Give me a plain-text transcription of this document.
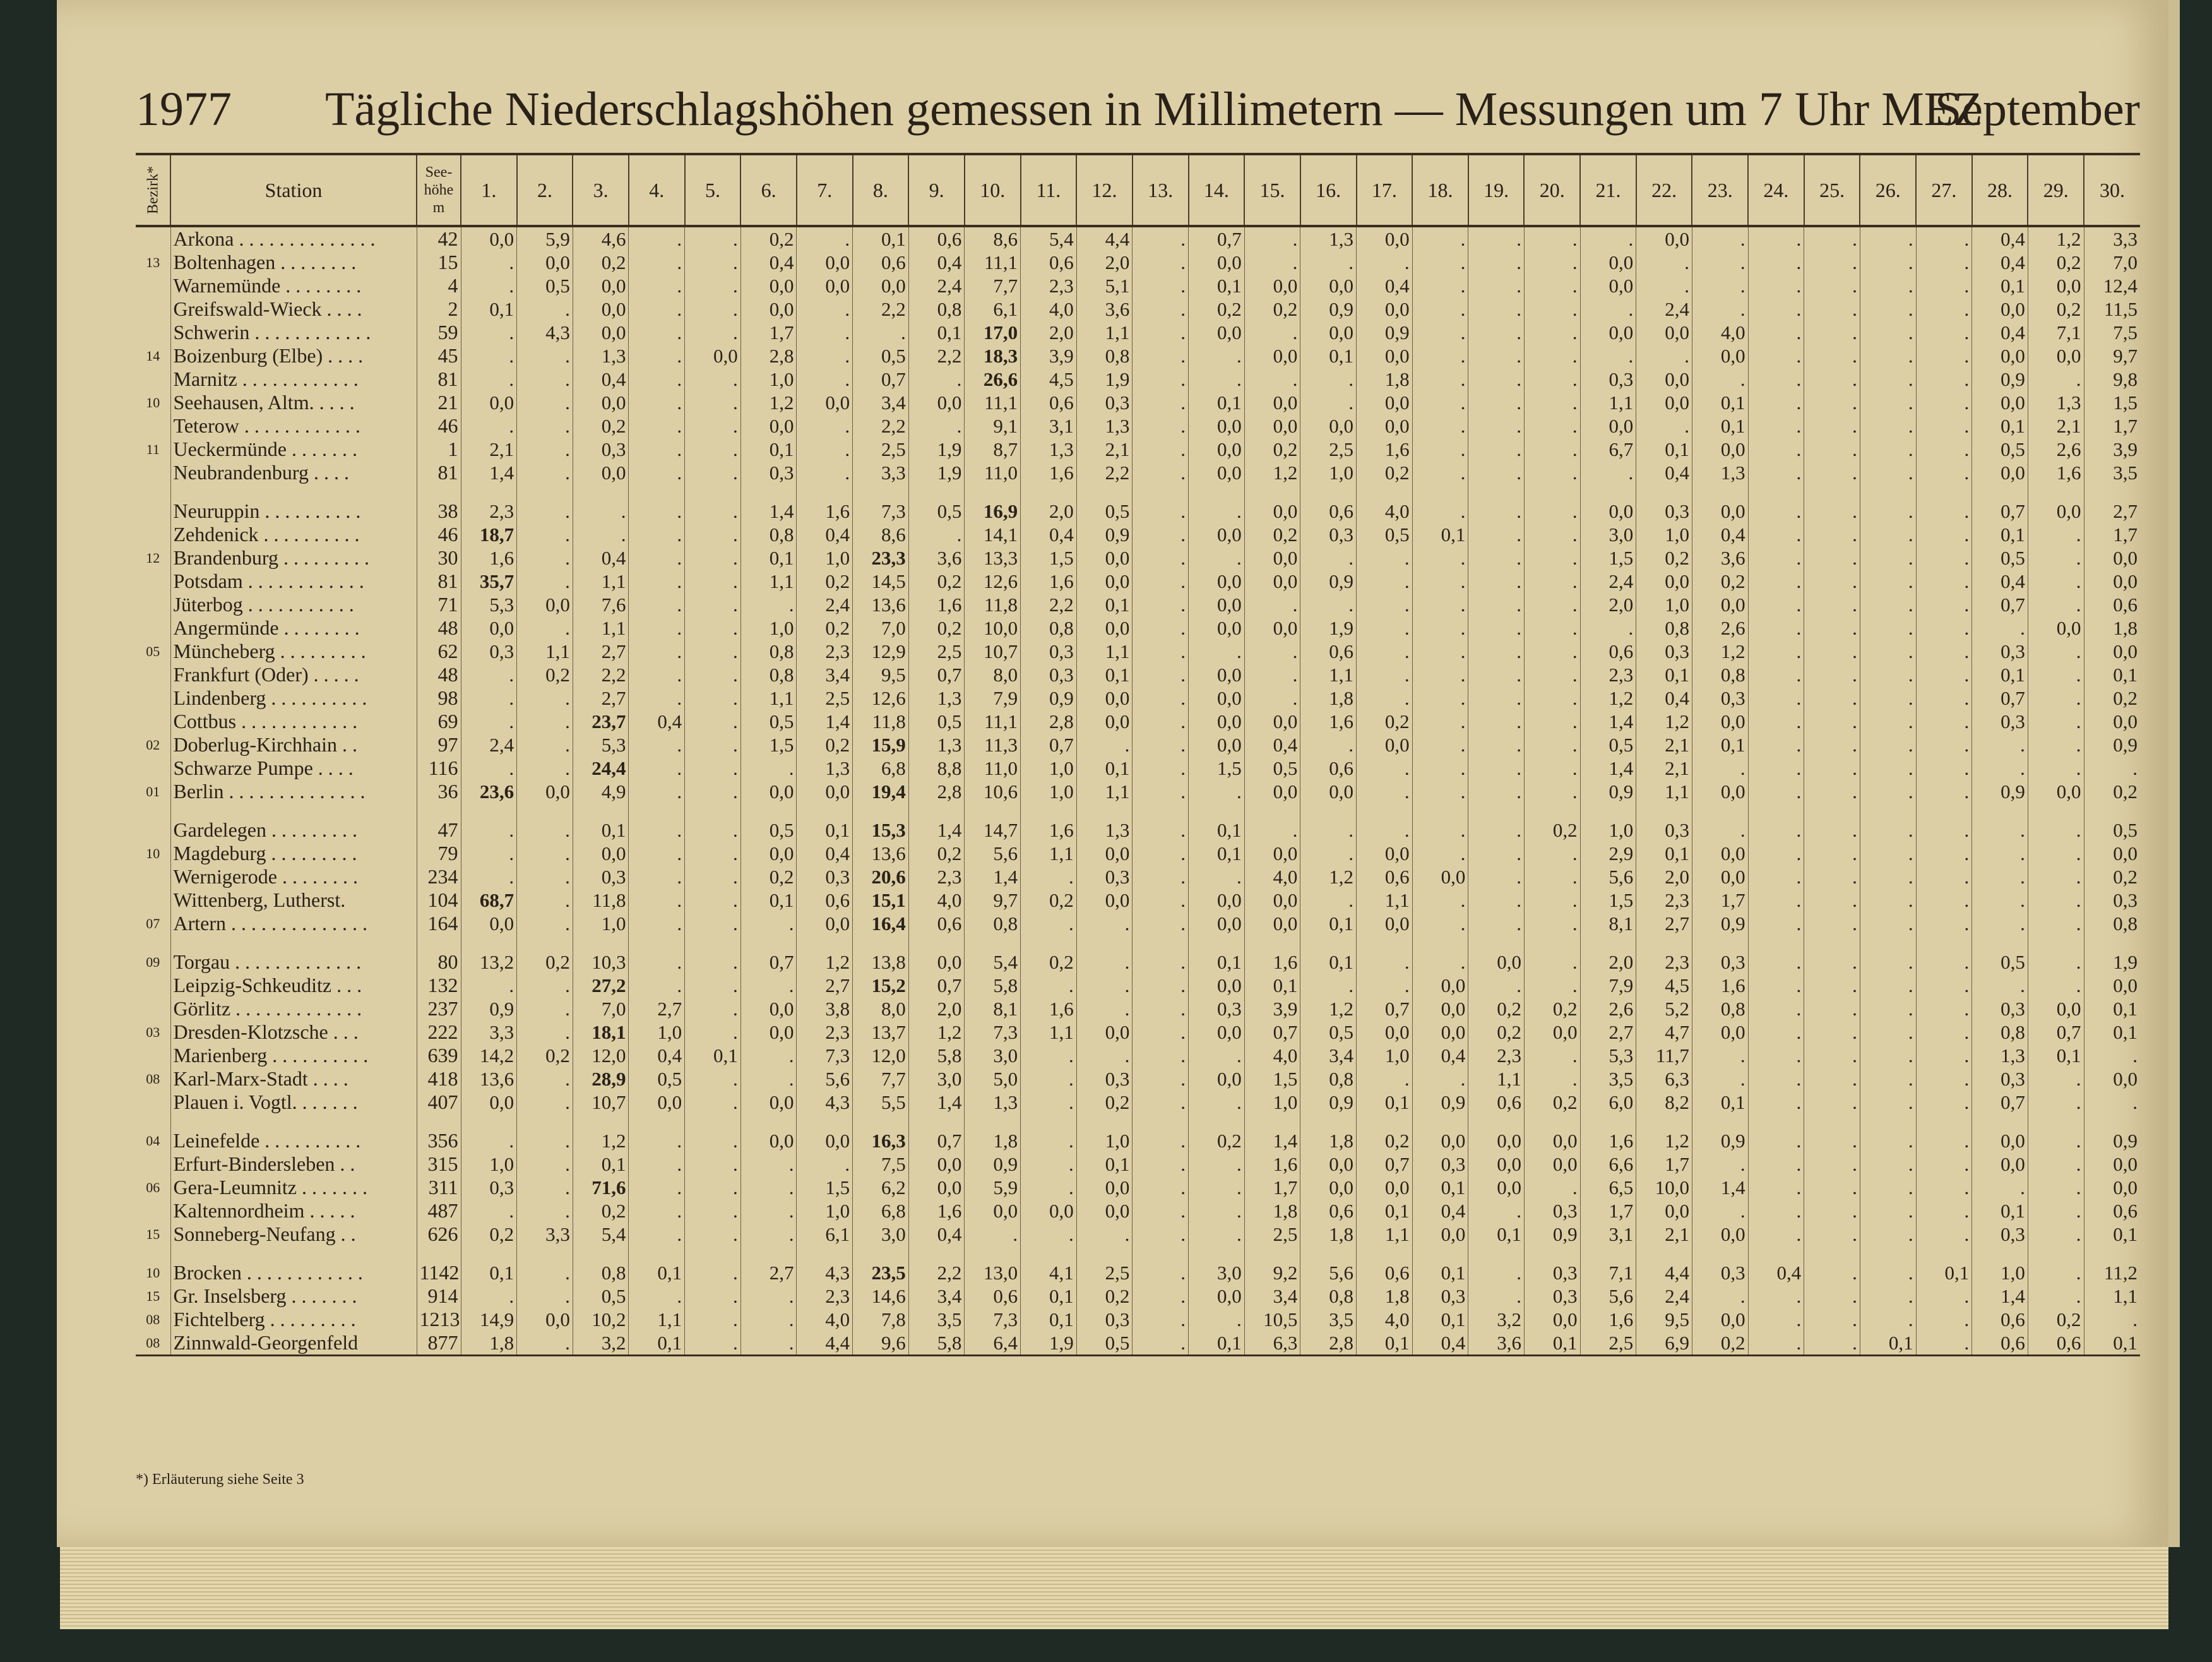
1977 Tägliche Niederschlagshöhen gemessen in Millimetern — Messungen um 7 Uhr MEZ
September
Bezirk*	Station	See-
höhe
m	1.	2.	3.	4.	5.	6.	7.	8.	9.	10.	11.	12.	13.	14.	15.	16.	17.	18.	19.	20.	21.	22.	23.	24.	25.	26.	27.	28.	29.	30.
	Arkona . . . . . . . . . . . . . .	42	0,0	5,9	4,6	.	.	0,2	.	0,1	0,6	8,6	5,4	4,4	.	0,7	.	1,3	0,0	.	.	.	.	0,0	.	.	.	.	.	0,4	1,2	3,3
13	Boltenhagen . . . . . . . .	15	.	0,0	0,2	.	.	0,4	0,0	0,6	0,4	11,1	0,6	2,0	.	0,0	.	.	.	.	.	.	0,0	.	.	.	.	.	.	0,4	0,2	7,0
	Warnemünde . . . . . . . .	4	.	0,5	0,0	.	.	0,0	0,0	0,0	2,4	7,7	2,3	5,1	.	0,1	0,0	0,0	0,4	.	.	.	0,0	.	.	.	.	.	.	0,1	0,0	12,4
	Greifswald-Wieck . . . .	2	0,1	.	0,0	.	.	0,0	.	2,2	0,8	6,1	4,0	3,6	.	0,2	0,2	0,9	0,0	.	.	.	.	2,4	.	.	.	.	.	0,0	0,2	11,5
	Schwerin . . . . . . . . . . . .	59	.	4,3	0,0	.	.	1,7	.	.	0,1	17,0	2,0	1,1	.	0,0	.	0,0	0,9	.	.	.	0,0	0,0	4,0	.	.	.	.	0,4	7,1	7,5
14	Boizenburg (Elbe) . . . .	45	.	.	1,3	.	0,0	2,8	.	0,5	2,2	18,3	3,9	0,8	.	.	0,0	0,1	0,0	.	.	.	.	.	0,0	.	.	.	.	0,0	0,0	9,7
	Marnitz . . . . . . . . . . . .	81	.	.	0,4	.	.	1,0	.	0,7	.	26,6	4,5	1,9	.	.	.	.	1,8	.	.	.	0,3	0,0	.	.	.	.	.	0,9	.	9,8
10	Seehausen, Altm. . . . .	21	0,0	.	0,0	.	.	1,2	0,0	3,4	0,0	11,1	0,6	0,3	.	0,1	0,0	.	0,0	.	.	.	1,1	0,0	0,1	.	.	.	.	0,0	1,3	1,5
	Teterow . . . . . . . . . . . .	46	.	.	0,2	.	.	0,0	.	2,2	.	9,1	3,1	1,3	.	0,0	0,0	0,0	0,0	.	.	.	0,0	.	0,1	.	.	.	.	0,1	2,1	1,7
11	Ueckermünde . . . . . . .	1	2,1	.	0,3	.	.	0,1	.	2,5	1,9	8,7	1,3	2,1	.	0,0	0,2	2,5	1,6	.	.	.	6,7	0,1	0,0	.	.	.	.	0,5	2,6	3,9
	Neubrandenburg . . . .	81	1,4	.	0,0	.	.	0,3	.	3,3	1,9	11,0	1,6	2,2	.	0,0	1,2	1,0	0,2	.	.	.	.	0,4	1,3	.	.	.	.	0,0	1,6	3,5

	Neuruppin . . . . . . . . . .	38	2,3	.	.	.	.	1,4	1,6	7,3	0,5	16,9	2,0	0,5	.	.	0,0	0,6	4,0	.	.	.	0,0	0,3	0,0	.	.	.	.	0,7	0,0	2,7
	Zehdenick . . . . . . . . . .	46	18,7	.	.	.	.	0,8	0,4	8,6	.	14,1	0,4	0,9	.	0,0	0,2	0,3	0,5	0,1	.	.	3,0	1,0	0,4	.	.	.	.	0,1	.	1,7
12	Brandenburg . . . . . . . . .	30	1,6	.	0,4	.	.	0,1	1,0	23,3	3,6	13,3	1,5	0,0	.	.	0,0	.	.	.	.	.	1,5	0,2	3,6	.	.	.	.	0,5	.	0,0
	Potsdam . . . . . . . . . . . .	81	35,7	.	1,1	.	.	1,1	0,2	14,5	0,2	12,6	1,6	0,0	.	0,0	0,0	0,9	.	.	.	.	2,4	0,0	0,2	.	.	.	.	0,4	.	0,0
	Jüterbog . . . . . . . . . . .	71	5,3	0,0	7,6	.	.	.	2,4	13,6	1,6	11,8	2,2	0,1	.	0,0	.	.	.	.	.	.	2,0	1,0	0,0	.	.	.	.	0,7	.	0,6
	Angermünde . . . . . . . .	48	0,0	.	1,1	.	.	1,0	0,2	7,0	0,2	10,0	0,8	0,0	.	0,0	0,0	1,9	.	.	.	.	.	0,8	2,6	.	.	.	.	.	0,0	1,8
05	Müncheberg . . . . . . . . .	62	0,3	1,1	2,7	.	.	0,8	2,3	12,9	2,5	10,7	0,3	1,1	.	.	.	0,6	.	.	.	.	0,6	0,3	1,2	.	.	.	.	0,3	.	0,0
	Frankfurt (Oder) . . . . .	48	.	0,2	2,2	.	.	0,8	3,4	9,5	0,7	8,0	0,3	0,1	.	0,0	.	1,1	.	.	.	.	2,3	0,1	0,8	.	.	.	.	0,1	.	0,1
	Lindenberg . . . . . . . . . .	98	.	.	2,7	.	.	1,1	2,5	12,6	1,3	7,9	0,9	0,0	.	0,0	.	1,8	.	.	.	.	1,2	0,4	0,3	.	.	.	.	0,7	.	0,2
	Cottbus . . . . . . . . . . . .	69	.	.	23,7	0,4	.	0,5	1,4	11,8	0,5	11,1	2,8	0,0	.	0,0	0,0	1,6	0,2	.	.	.	1,4	1,2	0,0	.	.	.	.	0,3	.	0,0
02	Doberlug-Kirchhain . .	97	2,4	.	5,3	.	.	1,5	0,2	15,9	1,3	11,3	0,7	.	.	0,0	0,4	.	0,0	.	.	.	0,5	2,1	0,1	.	.	.	.	.	.	0,9
	Schwarze Pumpe . . . .	116	.	.	24,4	.	.	.	1,3	6,8	8,8	11,0	1,0	0,1	.	1,5	0,5	0,6	.	.	.	.	1,4	2,1	.	.	.	.	.	.	.	.
01	Berlin . . . . . . . . . . . . . .	36	23,6	0,0	4,9	.	.	0,0	0,0	19,4	2,8	10,6	1,0	1,1	.	.	0,0	0,0	.	.	.	.	0,9	1,1	0,0	.	.	.	.	0,9	0,0	0,2

	Gardelegen . . . . . . . . .	47	.	.	0,1	.	.	0,5	0,1	15,3	1,4	14,7	1,6	1,3	.	0,1	.	.	.	.	.	0,2	1,0	0,3	.	.	.	.	.	.	.	0,5
10	Magdeburg . . . . . . . . .	79	.	.	0,0	.	.	0,0	0,4	13,6	0,2	5,6	1,1	0,0	.	0,1	0,0	.	0,0	.	.	.	2,9	0,1	0,0	.	.	.	.	.	.	0,0
	Wernigerode . . . . . . . .	234	.	.	0,3	.	.	0,2	0,3	20,6	2,3	1,4	.	0,3	.	.	4,0	1,2	0,6	0,0	.	.	5,6	2,0	0,0	.	.	.	.	.	.	0,2
	Wittenberg, Lutherst.	104	68,7	.	11,8	.	.	0,1	0,6	15,1	4,0	9,7	0,2	0,0	.	0,0	0,0	.	1,1	.	.	.	1,5	2,3	1,7	.	.	.	.	.	.	0,3
07	Artern . . . . . . . . . . . . . .	164	0,0	.	1,0	.	.	.	0,0	16,4	0,6	0,8	.	.	.	0,0	0,0	0,1	0,0	.	.	.	8,1	2,7	0,9	.	.	.	.	.	.	0,8

09	Torgau . . . . . . . . . . . . .	80	13,2	0,2	10,3	.	.	0,7	1,2	13,8	0,0	5,4	0,2	.	.	0,1	1,6	0,1	.	.	0,0	.	2,0	2,3	0,3	.	.	.	.	0,5	.	1,9
	Leipzig-Schkeuditz . . .	132	.	.	27,2	.	.	.	2,7	15,2	0,7	5,8	.	.	.	0,0	0,1	.	.	0,0	.	.	7,9	4,5	1,6	.	.	.	.	.	.	0,0
	Görlitz . . . . . . . . . . . . .	237	0,9	.	7,0	2,7	.	0,0	3,8	8,0	2,0	8,1	1,6	.	.	0,3	3,9	1,2	0,7	0,0	0,2	0,2	2,6	5,2	0,8	.	.	.	.	0,3	0,0	0,1
03	Dresden-Klotzsche . . .	222	3,3	.	18,1	1,0	.	0,0	2,3	13,7	1,2	7,3	1,1	0,0	.	0,0	0,7	0,5	0,0	0,0	0,2	0,0	2,7	4,7	0,0	.	.	.	.	0,8	0,7	0,1
	Marienberg . . . . . . . . . .	639	14,2	0,2	12,0	0,4	0,1	.	7,3	12,0	5,8	3,0	.	.	.	.	4,0	3,4	1,0	0,4	2,3	.	5,3	11,7	.	.	.	.	.	1,3	0,1	.
08	Karl-Marx-Stadt . . . .	418	13,6	.	28,9	0,5	.	.	5,6	7,7	3,0	5,0	.	0,3	.	0,0	1,5	0,8	.	.	1,1	.	3,5	6,3	.	.	.	.	.	0,3	.	0,0
	Plauen i. Vogtl. . . . . . .	407	0,0	.	10,7	0,0	.	0,0	4,3	5,5	1,4	1,3	.	0,2	.	.	1,0	0,9	0,1	0,9	0,6	0,2	6,0	8,2	0,1	.	.	.	.	0,7	.	.

04	Leinefelde . . . . . . . . . .	356	.	.	1,2	.	.	0,0	0,0	16,3	0,7	1,8	.	1,0	.	0,2	1,4	1,8	0,2	0,0	0,0	0,0	1,6	1,2	0,9	.	.	.	.	0,0	.	0,9
	Erfurt-Bindersleben . .	315	1,0	.	0,1	.	.	.	.	7,5	0,0	0,9	.	0,1	.	.	1,6	0,0	0,7	0,3	0,0	0,0	6,6	1,7	.	.	.	.	.	0,0	.	0,0
06	Gera-Leumnitz . . . . . . .	311	0,3	.	71,6	.	.	.	1,5	6,2	0,0	5,9	.	0,0	.	.	1,7	0,0	0,0	0,1	0,0	.	6,5	10,0	1,4	.	.	.	.	.	.	0,0
	Kaltennordheim . . . . .	487	.	.	0,2	.	.	.	1,0	6,8	1,6	0,0	0,0	0,0	.	.	1,8	0,6	0,1	0,4	.	0,3	1,7	0,0	.	.	.	.	.	0,1	.	0,6
15	Sonneberg-Neufang . .	626	0,2	3,3	5,4	.	.	.	6,1	3,0	0,4	.	.	.	.	.	2,5	1,8	1,1	0,0	0,1	0,9	3,1	2,1	0,0	.	.	.	.	0,3	.	0,1

10	Brocken . . . . . . . . . . . .	1142	0,1	.	0,8	0,1	.	2,7	4,3	23,5	2,2	13,0	4,1	2,5	.	3,0	9,2	5,6	0,6	0,1	.	0,3	7,1	4,4	0,3	0,4	.	.	0,1	1,0	.	11,2
15	Gr. Inselsberg . . . . . . .	914	.	.	0,5	.	.	.	2,3	14,6	3,4	0,6	0,1	0,2	.	0,0	3,4	0,8	1,8	0,3	.	0,3	5,6	2,4	.	.	.	.	.	1,4	.	1,1
08	Fichtelberg . . . . . . . . .	1213	14,9	0,0	10,2	1,1	.	.	4,0	7,8	3,5	7,3	0,1	0,3	.	.	10,5	3,5	4,0	0,1	3,2	0,0	1,6	9,5	0,0	.	.	.	.	0,6	0,2	.
08	Zinnwald-Georgenfeld	877	1,8	.	3,2	0,1	.	.	4,4	9,6	5,8	6,4	1,9	0,5	.	0,1	6,3	2,8	0,1	0,4	3,6	0,1	2,5	6,9	0,2	.	.	0,1	.	0,6	0,6	0,1
*) Erläuterung siehe Seite 3
